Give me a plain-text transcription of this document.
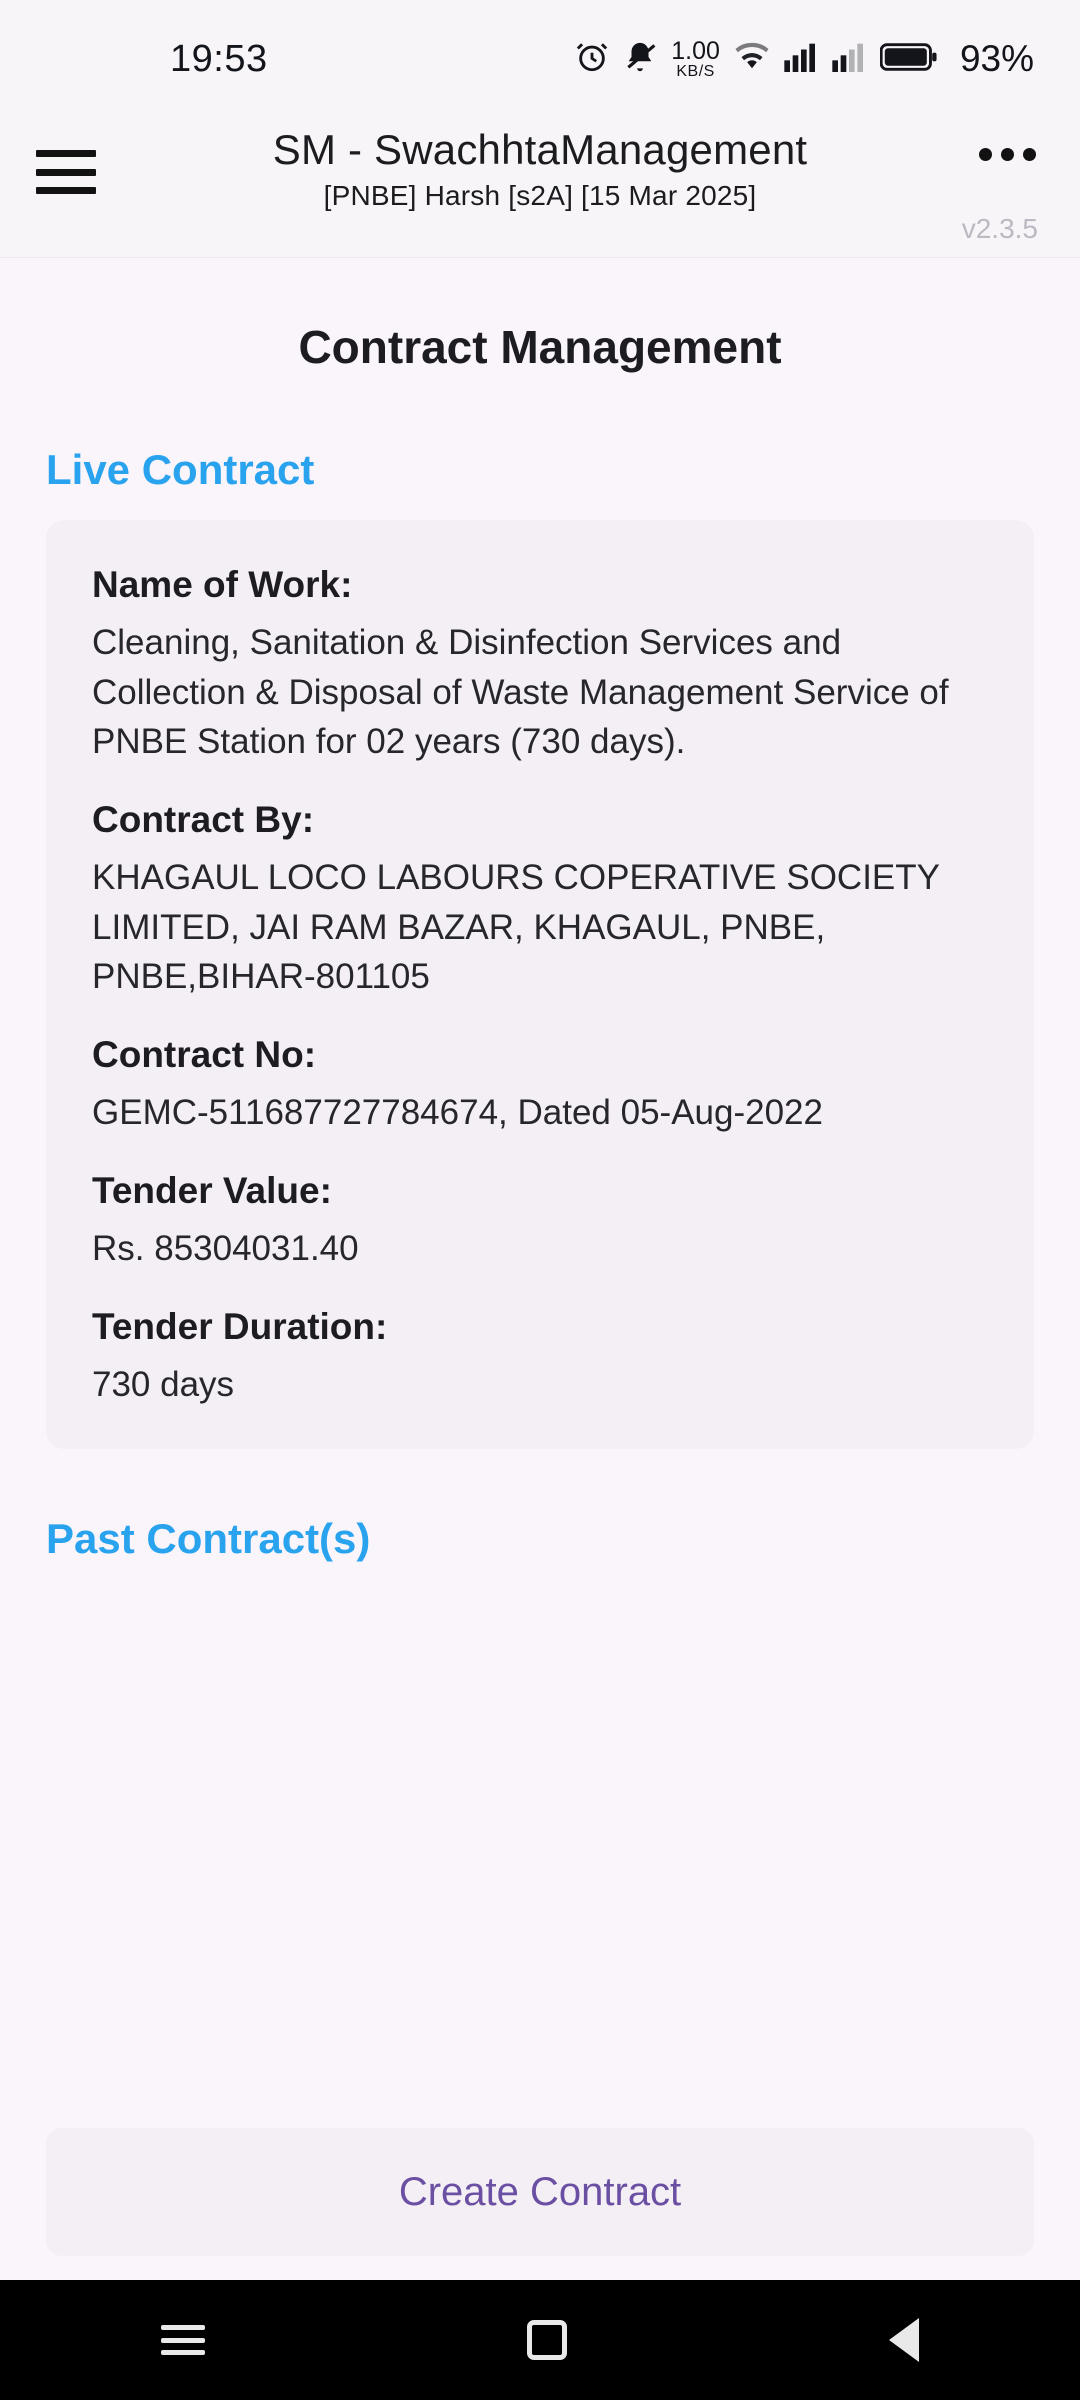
19:53	1.00
KB/S	93%
SM - SwachhtaManagement
[PNBE] Harsh [s2A] [15 Mar 2025]
v2.3.5
Contract Management
Live Contract
Name of Work:
Cleaning, Sanitation & Disinfection Services and Collection & Disposal of Waste Management Service of PNBE Station for 02 years (730 days).
Contract By:
KHAGAUL LOCO LABOURS COPERATIVE SOCIETY LIMITED, JAI RAM BAZAR, KHAGAUL, PNBE, PNBE,BIHAR-801105
Contract No:
GEMC-511687727784674, Dated 05-Aug-2022
Tender Value:
Rs. 85304031.40
Tender Duration:
730 days
Past Contract(s)
Create Contract
